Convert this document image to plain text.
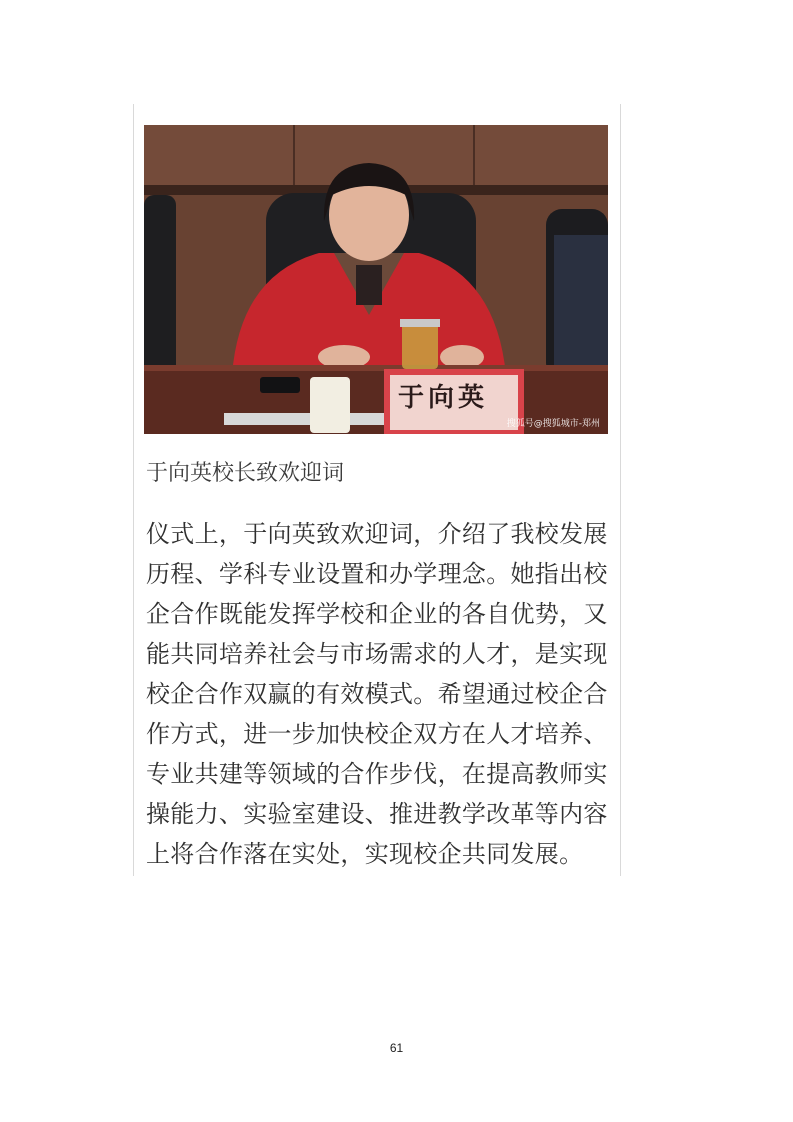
搜狐号@搜狐城市-郑州
于向英
于向英校长致欢迎词
仪式上，于向英致欢迎词，介绍了我校发展历程、学科专业设置和办学理念。她指出校企合作既能发挥学校和企业的各自优势，又能共同培养社会与市场需求的人才，是实现校企合作双赢的有效模式。希望通过校企合作方式，进一步加快校企双方在人才培养、专业共建等领域的合作步伐，在提高教师实操能力、实验室建设、推进教学改革等内容上将合作落在实处，实现校企共同发展。
61
